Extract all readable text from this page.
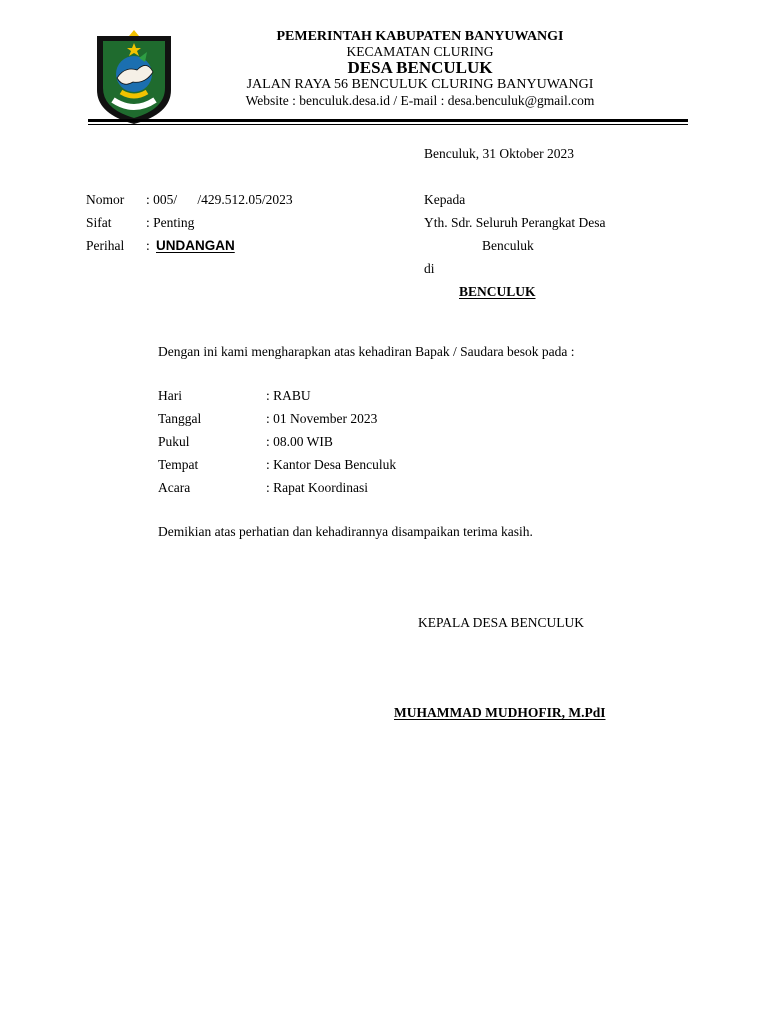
PEMERINTAH KABUPATEN BANYUWANGI
KECAMATAN CLURING
DESA BENCULUK
JALAN RAYA 56 BENCULUK CLURING BANYUWANGI
Website : benculuk.desa.id / E-mail : desa.benculuk@gmail.com
Benculuk, 31 Oktober 2023
Nomor : 005/      /429.512.05/2023
Sifat	: Penting
Perihal : UNDANGAN
Kepada
Yth. Sdr. Seluruh Perangkat Desa
Benculuk
di
BENCULUK
Dengan ini kami mengharapkan atas kehadiran Bapak / Saudara besok pada :
Hari	: RABU
Tanggal	: 01 November 2023
Pukul	: 08.00 WIB
Tempat	: Kantor Desa Benculuk
Acara	: Rapat Koordinasi
Demikian atas perhatian dan kehadirannya disampaikan terima kasih.
KEPALA DESA BENCULUK
MUHAMMAD MUDHOFIR, M.PdI
